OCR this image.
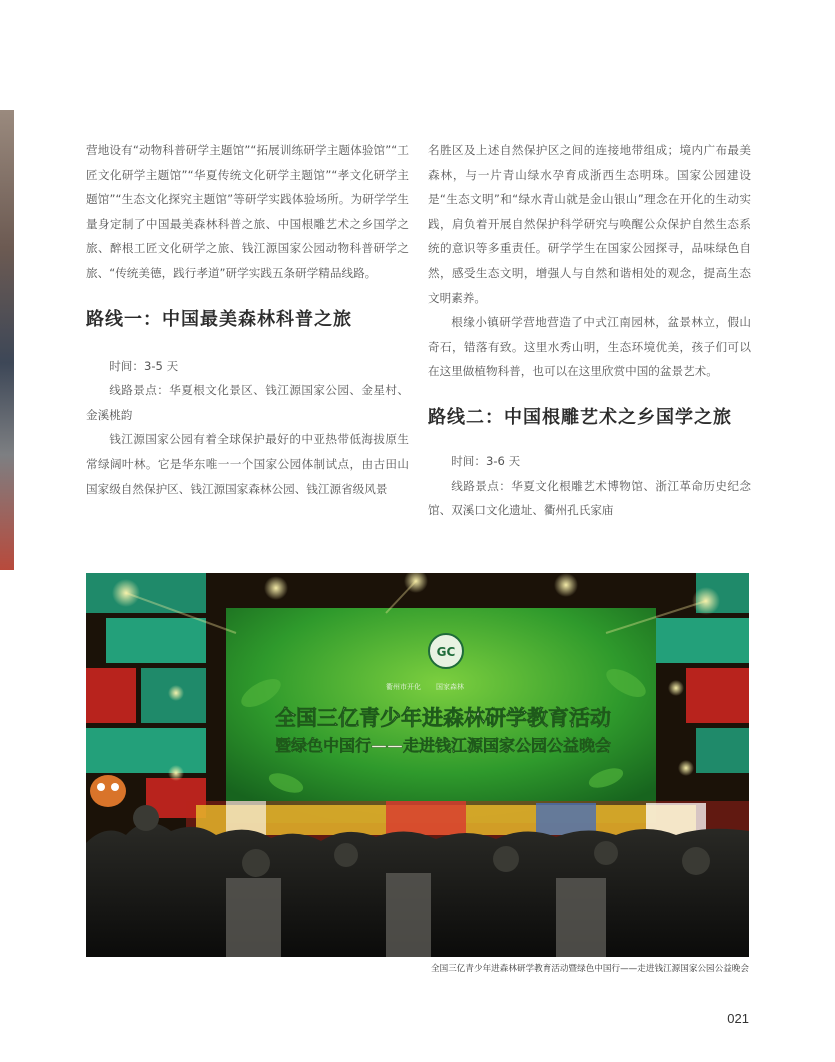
营地设有“动物科普研学主题馆”“拓展训练研学主题体验馆”“工匠文化研学主题馆”“华夏传统文化研学主题馆”“孝文化研学主题馆”“生态文化探究主题馆”等研学实践体验场所。为研学学生量身定制了中国最美森林科普之旅、中国根雕艺术之乡国学之旅、醉根工匠文化研学之旅、钱江源国家公园动物科普研学之旅、“传统美德，践行孝道”研学实践五条研学精品线路。

路线一：中国最美森林科普之旅

时间：3-5 天

线路景点：华夏根文化景区、钱江源国家公园、金星村、金溪桃韵

钱江源国家公园有着全球保护最好的中亚热带低海拔原生常绿阔叶林。它是华东唯一一个国家公园体制试点，由古田山国家级自然保护区、钱江源国家森林公园、钱江源省级风景

名胜区及上述自然保护区之间的连接地带组成；境内广布最美森林，与一片青山绿水孕育成浙西生态明珠。国家公园建设是“生态文明”和“绿水青山就是金山银山”理念在开化的生动实践，肩负着开展自然保护科学研究与唤醒公众保护自然生态系统的意识等多重责任。研学学生在国家公园探寻，品味绿色自然，感受生态文明，增强人与自然和谐相处的观念，提高生态文明素养。

根缘小镇研学营地营造了中式江南园林，盆景林立，假山奇石，错落有致。这里水秀山明，生态环境优美，孩子们可以在这里做植物科普，也可以在这里欣赏中国的盆景艺术。

路线二：中国根雕艺术之乡国学之旅

时间：3-6 天

线路景点：华夏文化根雕艺术博物馆、浙江革命历史纪念馆、双溪口文化遗址、衢州孔氏家庙

GC
衢州市开化 国家森林
全国三亿青少年进森林研学教育活动
暨绿色中国行——走进钱江源国家公园公益晚会
全国三亿青少年进森林研学教育活动暨绿色中国行——走进钱江源国家公园公益晚会
021
